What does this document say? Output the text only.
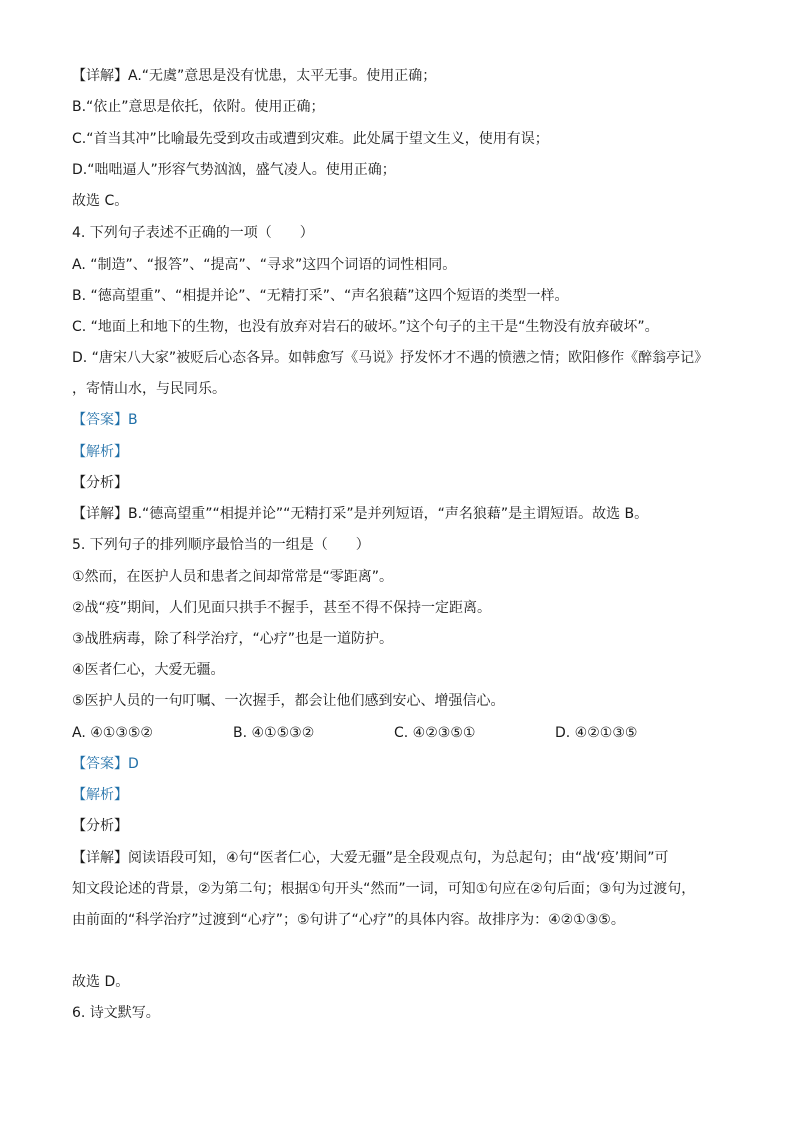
【详解】A.“无虞”意思是没有忧患，太平无事。使用正确；
B.“依止”意思是依托，依附。使用正确；
C.“首当其冲”比喻最先受到攻击或遭到灾难。此处属于望文生义，使用有误；
D.“咄咄逼人”形容气势汹汹，盛气凌人。使用正确；
故选 C。
4. 下列句子表述不正确的一项（　　）
A. “制造”、“报答”、“提高”、“寻求”这四个词语的词性相同。
B. “德高望重”、“相提并论”、“无精打采”、“声名狼藉”这四个短语的类型一样。
C. “地面上和地下的生物，也没有放弃对岩石的破坏。”这个句子的主干是“生物没有放弃破坏”。
D. “唐宋八大家”被贬后心态各异。如韩愈写《马说》抒发怀才不遇的愤懑之情；欧阳修作《醉翁亭记》
，寄情山水，与民同乐。
【答案】B
【解析】
【分析】
【详解】B.“德高望重”“相提并论”“无精打采”是并列短语，“声名狼藉”是主谓短语。故选 B。
5. 下列句子的排列顺序最恰当的一组是（　　）
①然而，在医护人员和患者之间却常常是“零距离”。
②战“疫”期间，人们见面只拱手不握手，甚至不得不保持一定距离。
③战胜病毒，除了科学治疗，“心疗”也是一道防护。
④医者仁心，大爱无疆。
⑤医护人员的一句叮嘱、一次握手，都会让他们感到安心、增强信心。
A. ④①③⑤②	B. ④①⑤③②	C. ④②③⑤①	D. ④②①③⑤
【答案】D
【解析】
【分析】
【详解】阅读语段可知，④句“医者仁心，大爱无疆”是全段观点句，为总起句；由“战‘疫’期间”可
知文段论述的背景，②为第二句；根据①句开头“然而”一词，可知①句应在②句后面；③句为过渡句，
由前面的“科学治疗”过渡到“心疗”；⑤句讲了“心疗”的具体内容。故排序为：④②①③⑤。
故选 D。
6. 诗文默写。
